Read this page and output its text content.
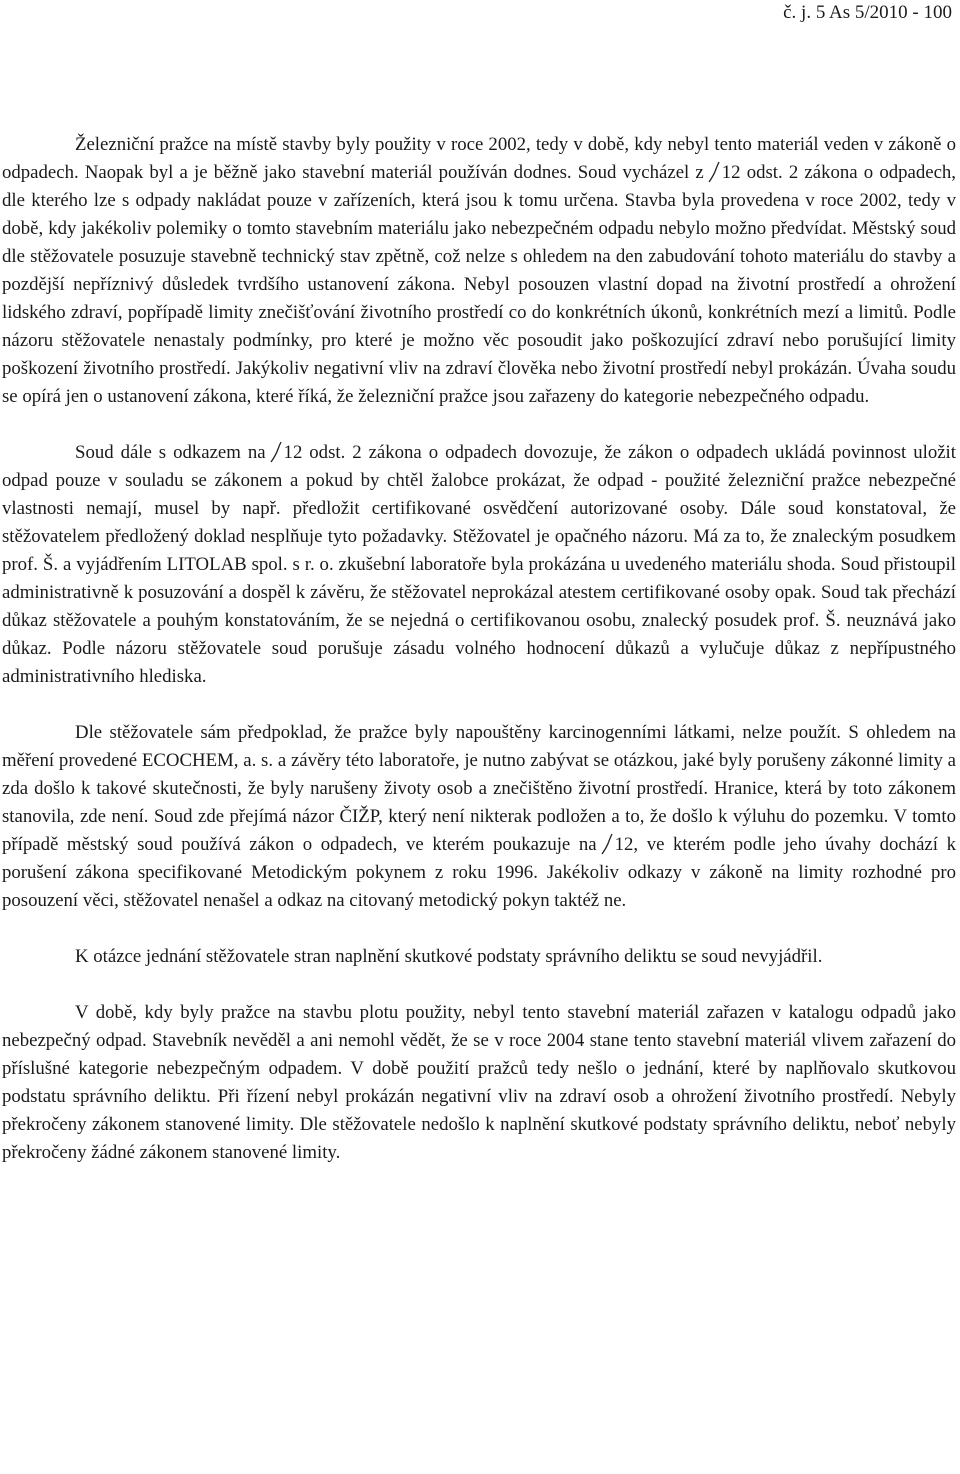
č. j. 5 As 5/2010 - 100

Železniční pražce na místě stavby byly použity v roce 2002, tedy v době, kdy nebyl tento materiál veden v zákoně o odpadech. Naopak byl a je běžně jako stavební materiál používán dodnes. Soud vycházel z 12 odst. 2 zákona o odpadech, dle kterého lze s odpady nakládat pouze v zařízeních, která jsou k tomu určena. Stavba byla provedena v roce 2002, tedy v době, kdy jakékoliv polemiky o tomto stavebním materiálu jako nebezpečném odpadu nebylo možno předvídat. Městský soud dle stěžovatele posuzuje stavebně technický stav zpětně, což nelze s ohledem na den zabudování tohoto materiálu do stavby a pozdější nepříznivý důsledek tvrdšího ustanovení zákona. Nebyl posouzen vlastní dopad na životní prostředí a ohrožení lidského zdraví, popřípadě limity znečišťování životního prostředí co do konkrétních úkonů, konkrétních mezí a limitů. Podle názoru stěžovatele nenastaly podmínky, pro které je možno věc posoudit jako poškozující zdraví nebo porušující limity poškození životního prostředí. Jakýkoliv negativní vliv na zdraví člověka nebo životní prostředí nebyl prokázán. Úvaha soudu se opírá jen o ustanovení zákona, které říká, že železniční pražce jsou zařazeny do kategorie nebezpečného odpadu.

Soud dále s odkazem na 12 odst. 2 zákona o odpadech dovozuje, že zákon o odpadech ukládá povinnost uložit odpad pouze v souladu se zákonem a pokud by chtěl žalobce prokázat, že odpad - použité železniční pražce nebezpečné vlastnosti nemají, musel by např. předložit certifikované osvědčení autorizované osoby. Dále soud konstatoval, že stěžovatelem předložený doklad nesplňuje tyto požadavky. Stěžovatel je opačného názoru. Má za to, že znaleckým posudkem prof. Š. a vyjádřením LITOLAB spol. s r. o. zkušební laboratoře byla prokázána u uvedeného materiálu shoda. Soud přistoupil administrativně k posuzování a dospěl k závěru, že stěžovatel neprokázal atestem certifikované osoby opak. Soud tak přechází důkaz stěžovatele a pouhým konstatováním, že se nejedná o certifikovanou osobu, znalecký posudek prof. Š. neuznává jako důkaz. Podle názoru stěžovatele soud porušuje zásadu volného hodnocení důkazů a vylučuje důkaz z nepřípustného administrativního hlediska.

Dle stěžovatele sám předpoklad, že pražce byly napouštěny karcinogenními látkami, nelze použít. S ohledem na měření provedené ECOCHEM, a. s. a závěry této laboratoře, je nutno zabývat se otázkou, jaké byly porušeny zákonné limity a zda došlo k takové skutečnosti, že byly narušeny životy osob a znečištěno životní prostředí. Hranice, která by toto zákonem stanovila, zde není. Soud zde přejímá názor ČIŽP, který není nikterak podložen a to, že došlo k výluhu do pozemku. V tomto případě městský soud používá zákon o odpadech, ve kterém poukazuje na 12, ve kterém podle jeho úvahy dochází k porušení zákona specifikované Metodickým pokynem z roku 1996. Jakékoliv odkazy v zákoně na limity rozhodné pro posouzení věci, stěžovatel nenašel a odkaz na citovaný metodický pokyn taktéž ne.

K otázce jednání stěžovatele stran naplnění skutkové podstaty správního deliktu se soud nevyjádřil.

V době, kdy byly pražce na stavbu plotu použity, nebyl tento stavební materiál zařazen v katalogu odpadů jako nebezpečný odpad. Stavebník nevěděl a ani nemohl vědět, že se v roce 2004 stane tento stavební materiál vlivem zařazení do příslušné kategorie nebezpečným odpadem. V době použití pražců tedy nešlo o jednání, které by naplňovalo skutkovou podstatu správního deliktu. Při řízení nebyl prokázán negativní vliv na zdraví osob a ohrožení životního prostředí. Nebyly překročeny zákonem stanovené limity. Dle stěžovatele nedošlo k naplnění skutkové podstaty správního deliktu, neboť nebyly překročeny žádné zákonem stanovené limity.
